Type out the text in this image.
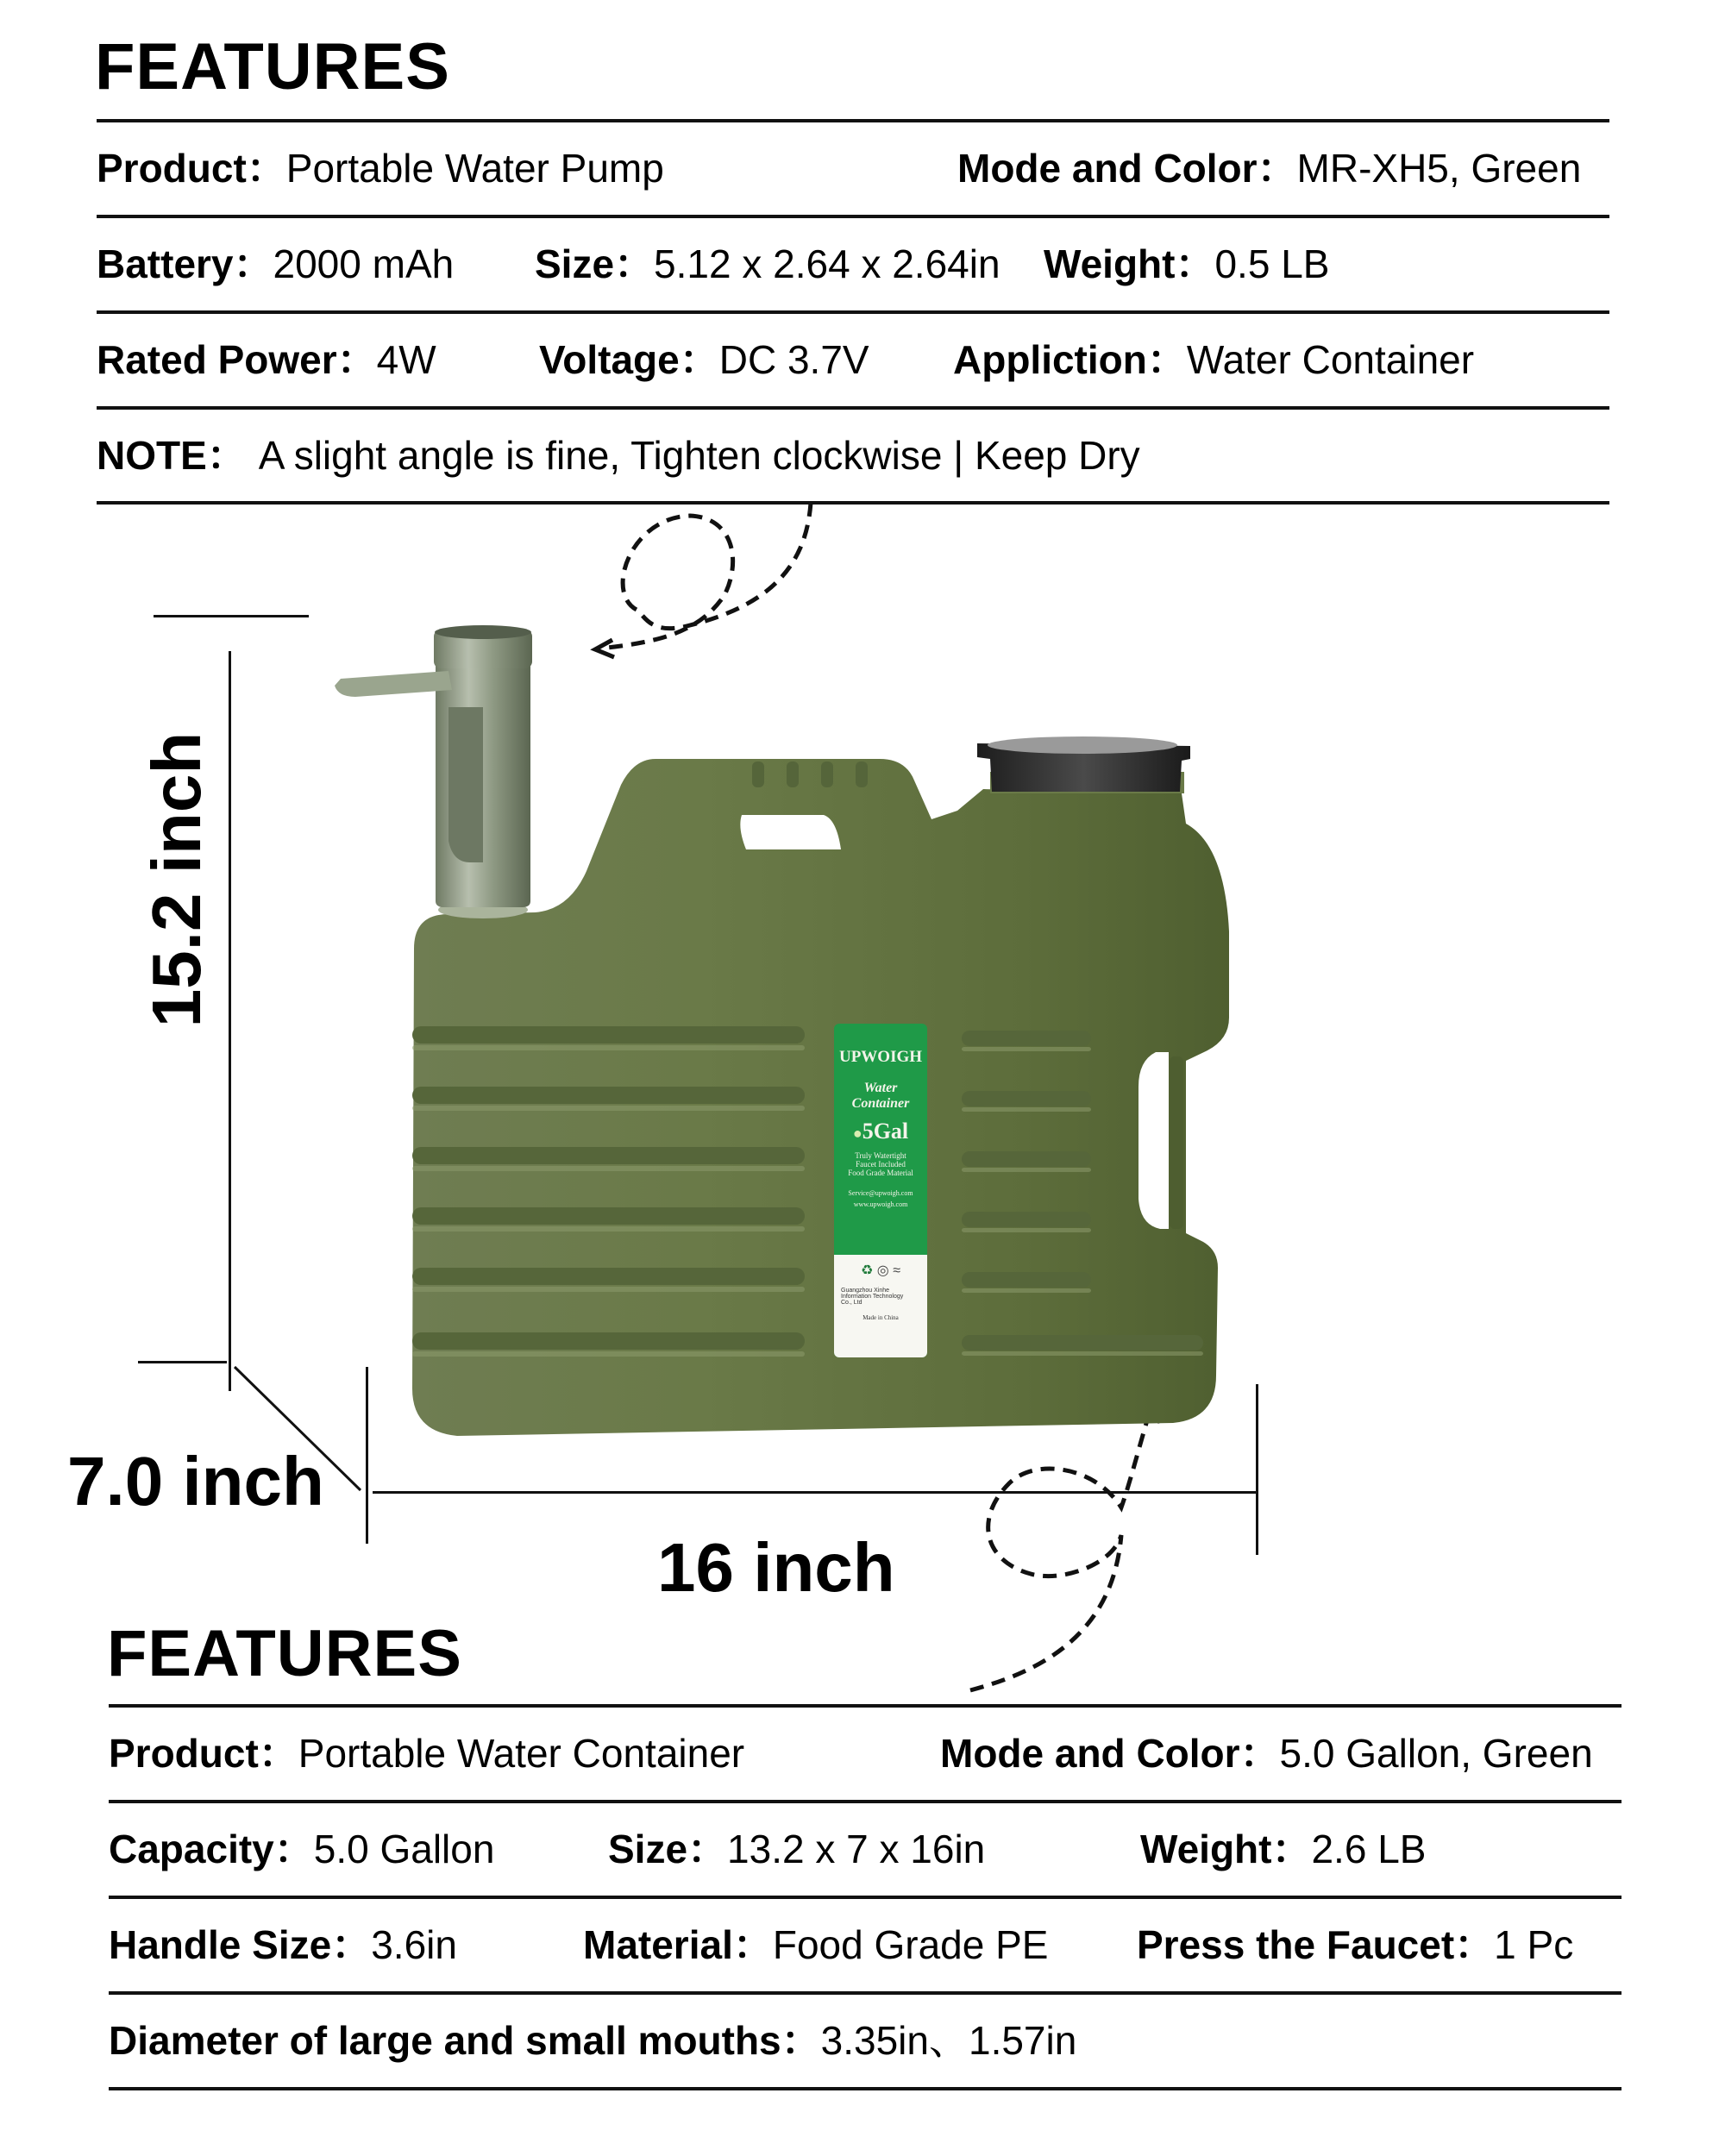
FEATURES
Product：Portable Water Pump	Mode and Color：MR-XH5, Green
Battery：2000 mAh Size：5.12 x 2.64 x 2.64in Weight：0.5 LB
Rated Power：4W	Voltage：DC 3.7V Appliction：Water Container
NOTE： A slight angle is fine, Tighten clockwise | Keep Dry
15.2 inch
7.0 inch
16 inch
UPWOIGH
Water
Container
●5Gal
Truly Watertight
Faucet Included
Food Grade Material
Service@upwoigh.com
www.upwoigh.com
♻ ◎ ≈
Guangzhou Xinhe
Information Technology
Co., Ltd
Made in China
FEATURES
Product：Portable Water Container	Mode and Color：5.0 Gallon, Green
Capacity：5.0 Gallon	Size：13.2 x 7 x 16in	Weight：2.6 LB
Handle Size：3.6in	Material：Food Grade PE Press the Faucet：1 Pc
Diameter of large and small mouths：3.35in、1.57in
